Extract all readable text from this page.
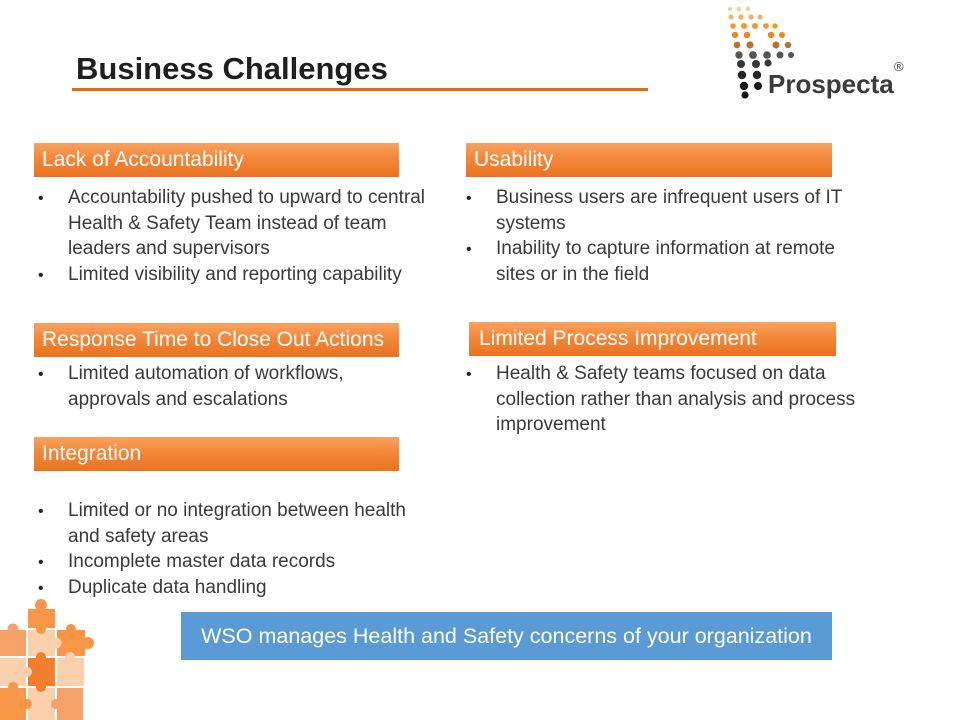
Business Challenges	Prospecta
®
Lack of Accountability
• Accountability pushed to upward to central Health & Safety Team instead of team leaders and supervisors
• Limited visibility and reporting capability
Usability
• Business users are infrequent users of IT systems
• Inability to capture information at remote sites or in the field
Response Time to Close Out Actions
• Limited automation of workflows, approvals and escalations
Limited Process Improvement
• Health & Safety teams focused on data collection rather than analysis and process improvement
Integration
• Limited or no integration between health and safety areas
• Incomplete master data records
• Duplicate data handling
WSO manages Health and Safety concerns of your organization
